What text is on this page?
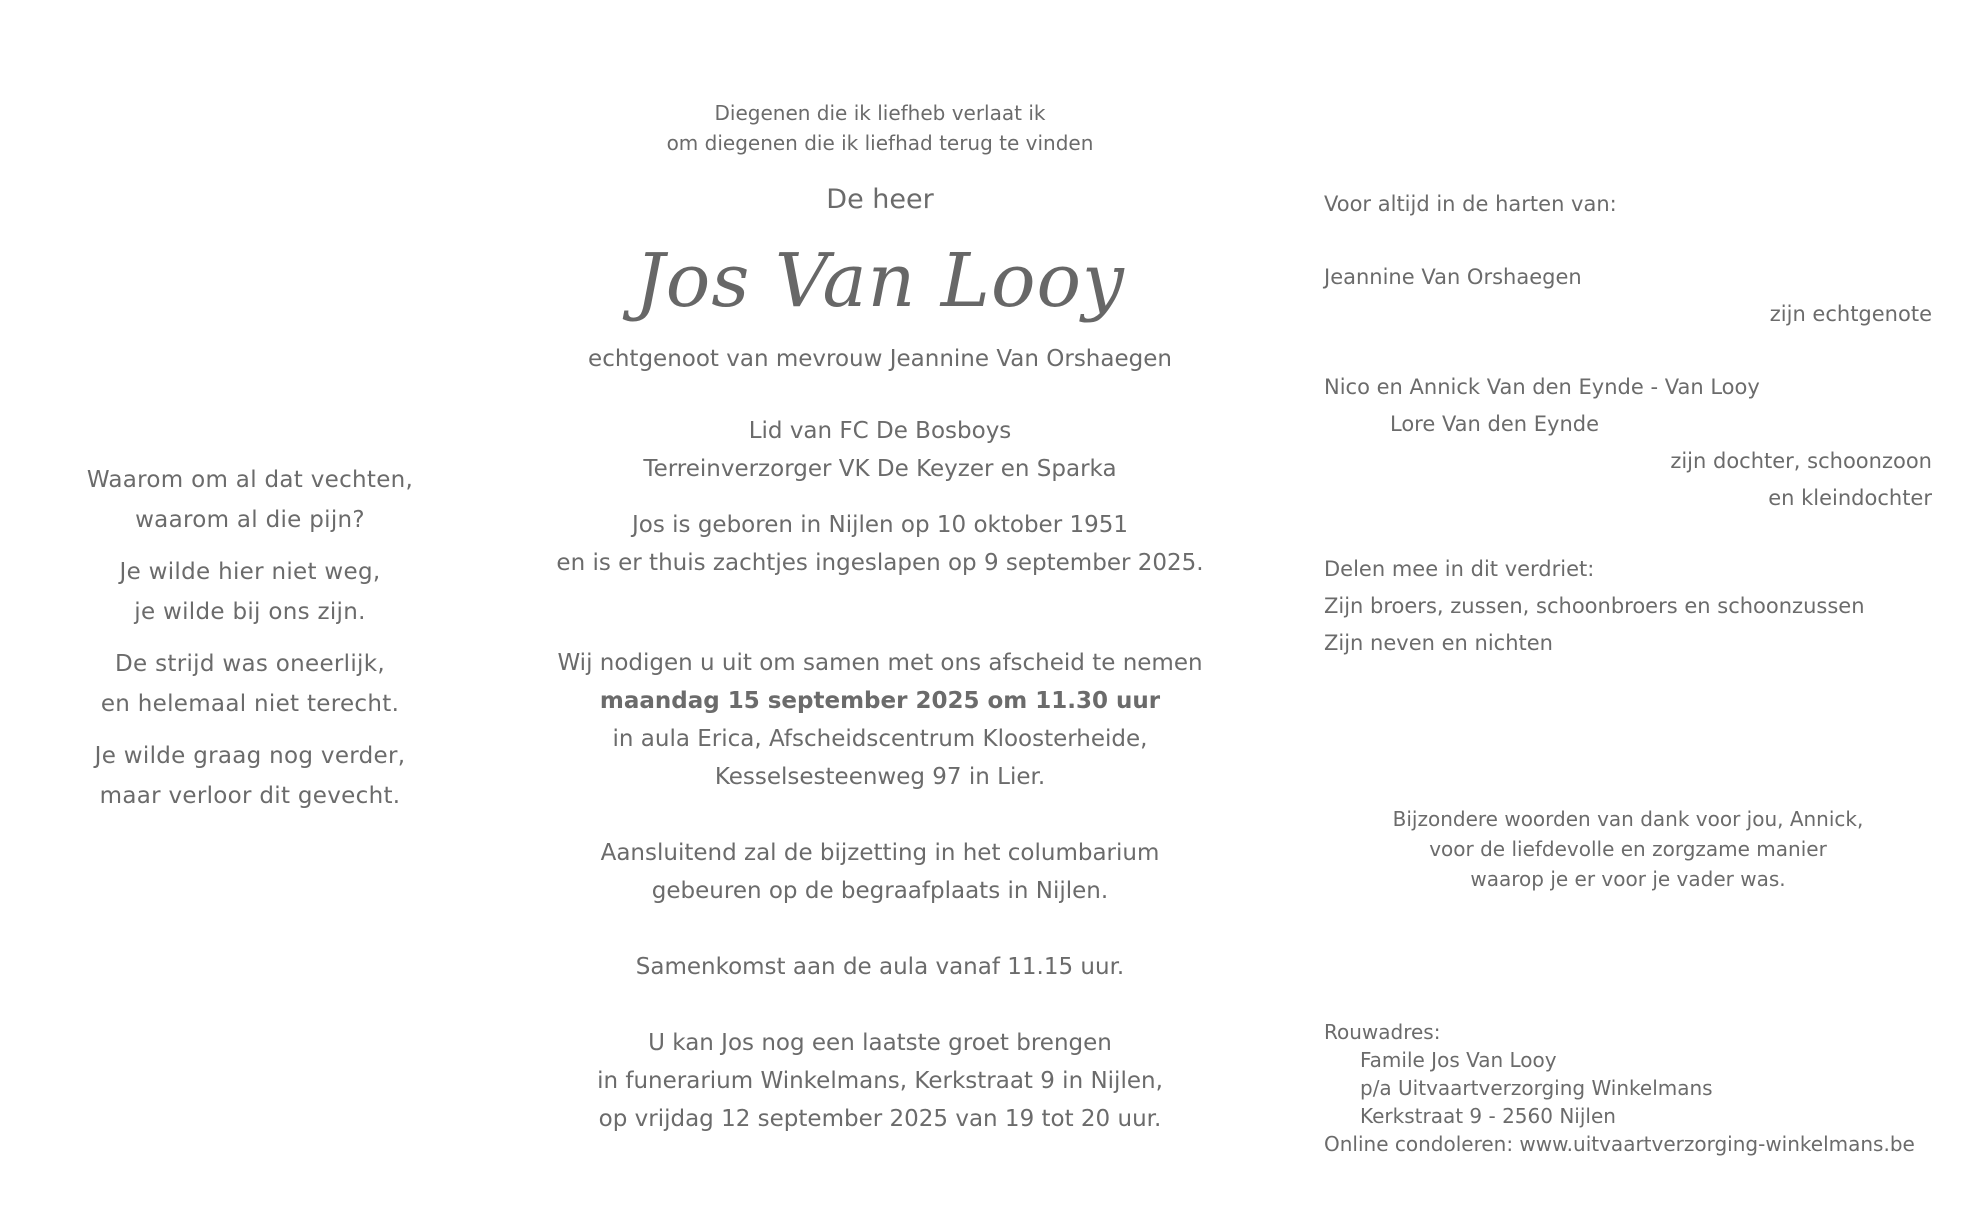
Waarom om al dat vechten,
waarom al die pijn?
Je wilde hier niet weg,
je wilde bij ons zijn.
De strijd was oneerlijk,
en helemaal niet terecht.
Je wilde graag nog verder,
maar verloor dit gevecht.

Diegenen die ik liefheb verlaat ik

om diegenen die ik liefhad terug te vinden

De heer
Jos Van Looy
echtgenoot van mevrouw Jeannine Van Orshaegen
Lid van FC De Bosboys
Terreinverzorger VK De Keyzer en Sparka
Jos is geboren in Nijlen op 10 oktober 1951
en is er thuis zachtjes ingeslapen op 9 september 2025.
Wij nodigen u uit om samen met ons afscheid te nemen
maandag 15 september 2025 om 11.30 uur
in aula Erica, Afscheidscentrum Kloosterheide,
Kesselsesteenweg 97 in Lier.
Aansluitend zal de bijzetting in het columbarium
gebeuren op de begraafplaats in Nijlen.
Samenkomst aan de aula vanaf 11.15 uur.
U kan Jos nog een laatste groet brengen
in funerarium Winkelmans, Kerkstraat 9 in Nijlen,
op vrijdag 12 september 2025 van 19 tot 20 uur.
Voor altijd in de harten van:
Jeannine Van Orshaegen
zijn echtgenote
Nico en Annick Van den Eynde - Van Looy
Lore Van den Eynde
zijn dochter, schoonzoon
en kleindochter
Delen mee in dit verdriet:
Zijn broers, zussen, schoonbroers en schoonzussen
Zijn neven en nichten
Bijzondere woorden van dank voor jou, Annick,
voor de liefdevolle en zorgzame manier
waarop je er voor je vader was.
Rouwadres:
Famile Jos Van Looy
p/a Uitvaartverzorging Winkelmans
Kerkstraat 9 - 2560 Nijlen
Online condoleren: www.uitvaartverzorging-winkelmans.be
